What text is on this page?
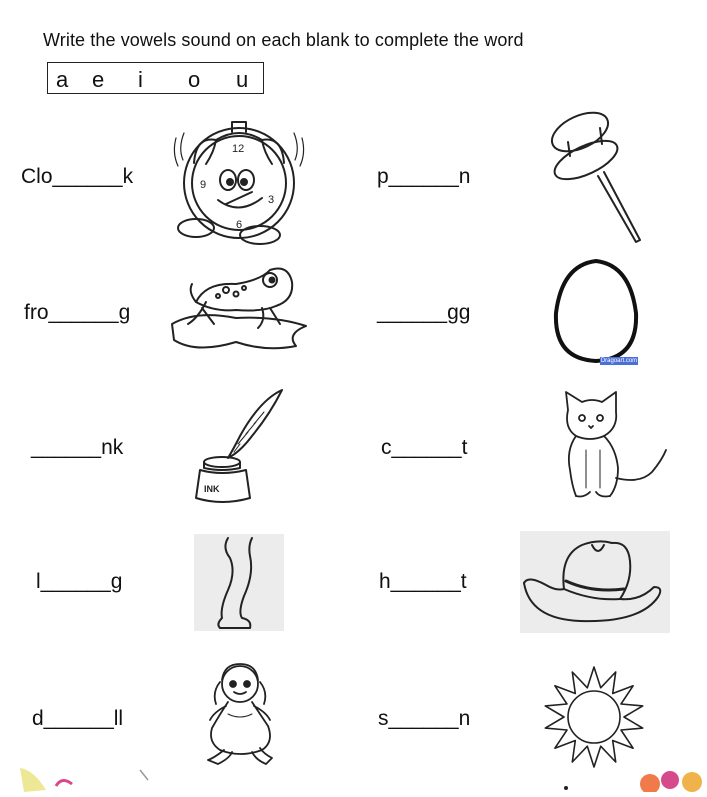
Write the vowels sound on each blank to complete the word
a e i o u
Clo______k
12
3
6
9	p______n
fro______g	______gg
Dragoart.com
______nk
INK
c______t
l______g	h______t
d______ll	s______n
